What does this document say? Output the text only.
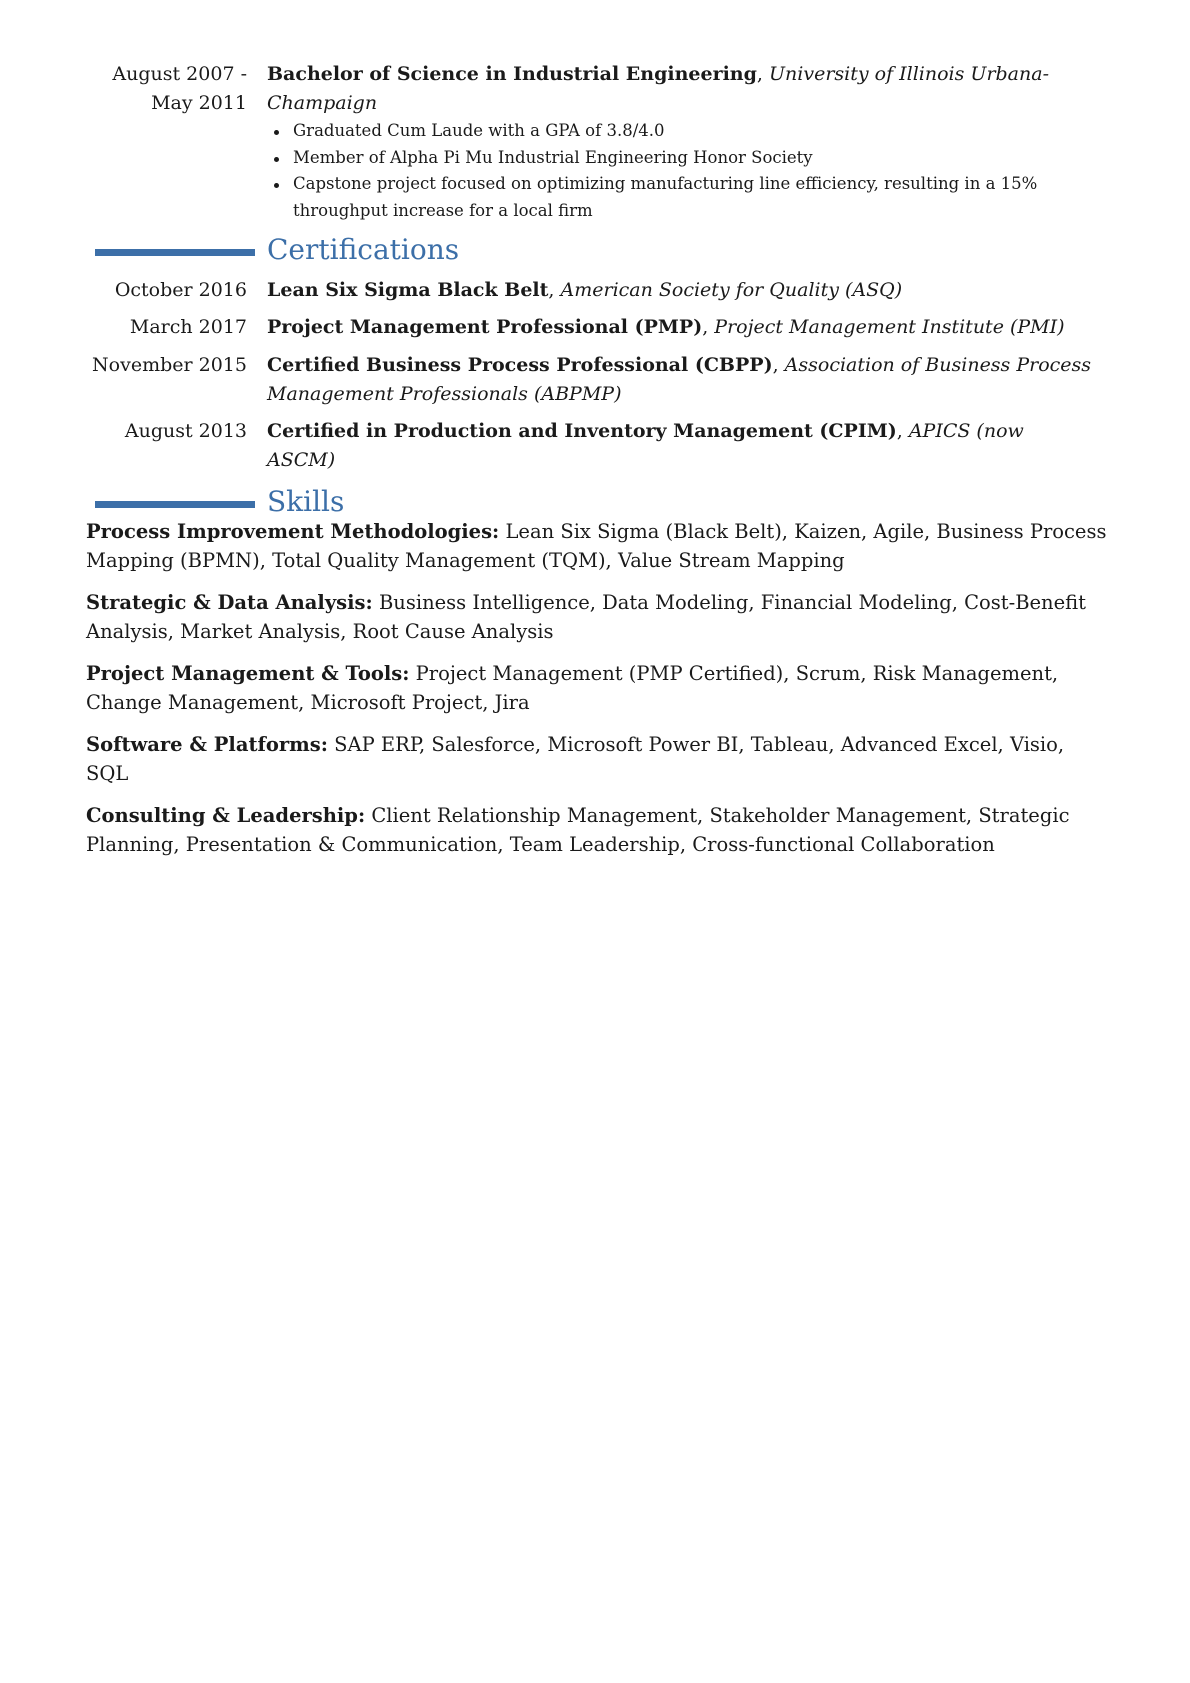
August 2007 - May 2011
Bachelor of Science in Industrial Engineering, University of Illinois Urbana-Champaign
Graduated Cum Laude with a GPA of 3.8/4.0
Member of Alpha Pi Mu Industrial Engineering Honor Society
Capstone project focused on optimizing manufacturing line efficiency, resulting in a 15% throughput increase for a local firm
Certifications
October 2016 Lean Six Sigma Black Belt, American Society for Quality (ASQ)
March 2017 Project Management Professional (PMP), Project Management Institute (PMI)
November 2015 Certified Business Process Professional (CBPP), Association of Business Process Management Professionals (ABPMP)
August 2013 Certified in Production and Inventory Management (CPIM), APICS (now ASCM)
Skills
Process Improvement Methodologies: Lean Six Sigma (Black Belt), Kaizen, Agile, Business Process Mapping (BPMN), Total Quality Management (TQM), Value Stream Mapping
Strategic & Data Analysis: Business Intelligence, Data Modeling, Financial Modeling, Cost-Benefit Analysis, Market Analysis, Root Cause Analysis
Project Management & Tools: Project Management (PMP Certified), Scrum, Risk Management, Change Management, Microsoft Project, Jira
Software & Platforms: SAP ERP, Salesforce, Microsoft Power BI, Tableau, Advanced Excel, Visio, SQL
Consulting & Leadership: Client Relationship Management, Stakeholder Management, Strategic Planning, Presentation & Communication, Team Leadership, Cross-functional Collaboration
